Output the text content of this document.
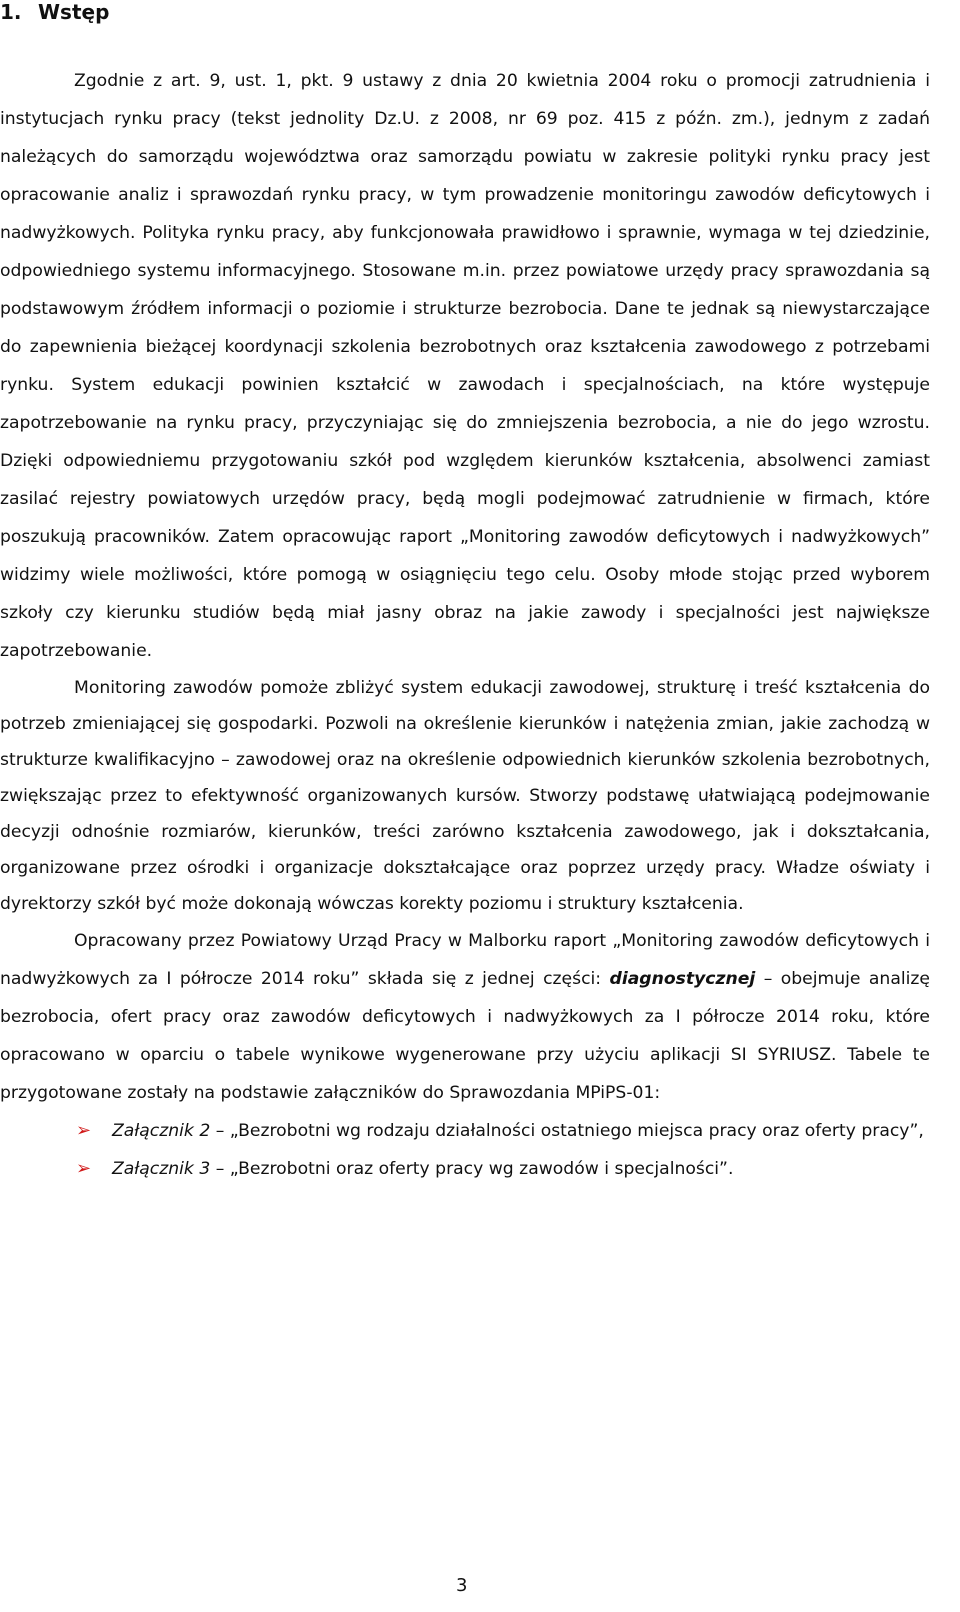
1. Wstęp

Zgodnie z art. 9, ust. 1, pkt. 9 ustawy z dnia 20 kwietnia 2004 roku o promocji zatrudnienia i instytucjach rynku pracy (tekst jednolity Dz.U. z 2008, nr 69 poz. 415 z późn. zm.), jednym z zadań należących do samorządu województwa oraz samorządu powiatu w zakresie polityki rynku pracy jest opracowanie analiz i sprawozdań rynku pracy, w tym prowadzenie monitoringu zawodów deficytowych i nadwyżkowych. Polityka rynku pracy, aby funkcjonowała prawidłowo i sprawnie, wymaga w tej dziedzinie, odpowiedniego systemu informacyjnego. Stosowane m.in. przez powiatowe urzędy pracy sprawozdania są podstawowym źródłem informacji o poziomie i strukturze bezrobocia. Dane te jednak są niewystarczające do zapewnienia bieżącej koordynacji szkolenia bezrobotnych oraz kształcenia zawodowego z potrzebami rynku. System edukacji powinien kształcić w zawodach i specjalnościach, na które występuje zapotrzebowanie na rynku pracy, przyczyniając się do zmniejszenia bezrobocia, a nie do jego wzrostu. Dzięki odpowiedniemu przygotowaniu szkół pod względem kierunków kształcenia, absolwenci zamiast zasilać rejestry powiatowych urzędów pracy, będą mogli podejmować zatrudnienie w firmach, które poszukują pracowników. Zatem opracowując raport „Monitoring zawodów deficytowych i nadwyżkowych” widzimy wiele możliwości, które pomogą w osiągnięciu tego celu. Osoby młode stojąc przed wyborem szkoły czy kierunku studiów będą miał jasny obraz na jakie zawody i specjalności jest największe zapotrzebowanie.

Monitoring zawodów pomoże zbliżyć system edukacji zawodowej, strukturę i treść kształcenia do potrzeb zmieniającej się gospodarki. Pozwoli na określenie kierunków i natężenia zmian, jakie zachodzą w strukturze kwalifikacyjno – zawodowej oraz na określenie odpowiednich kierunków szkolenia bezrobotnych, zwiększając przez to efektywność organizowanych kursów. Stworzy podstawę ułatwiającą podejmowanie decyzji odnośnie rozmiarów, kierunków, treści zarówno kształcenia zawodowego, jak i dokształcania, organizowane przez ośrodki i organizacje dokształcające oraz poprzez urzędy pracy. Władze oświaty i dyrektorzy szkół być może dokonają wówczas korekty poziomu i struktury kształcenia.

Opracowany przez Powiatowy Urząd Pracy w Malborku raport „Monitoring zawodów deficytowych i nadwyżkowych za I półrocze 2014 roku” składa się z jednej części: diagnostycznej – obejmuje analizę bezrobocia, ofert pracy oraz zawodów deficytowych i nadwyżkowych za I półrocze 2014 roku, które opracowano w oparciu o tabele wynikowe wygenerowane przy użyciu aplikacji SI SYRIUSZ. Tabele te przygotowane zostały na podstawie załączników do Sprawozdania MPiPS-01:

➢ Załącznik 2 – „Bezrobotni wg rodzaju działalności ostatniego miejsca pracy oraz oferty pracy”,
➢ Załącznik 3 – „Bezrobotni oraz oferty pracy wg zawodów i specjalności”.
3
